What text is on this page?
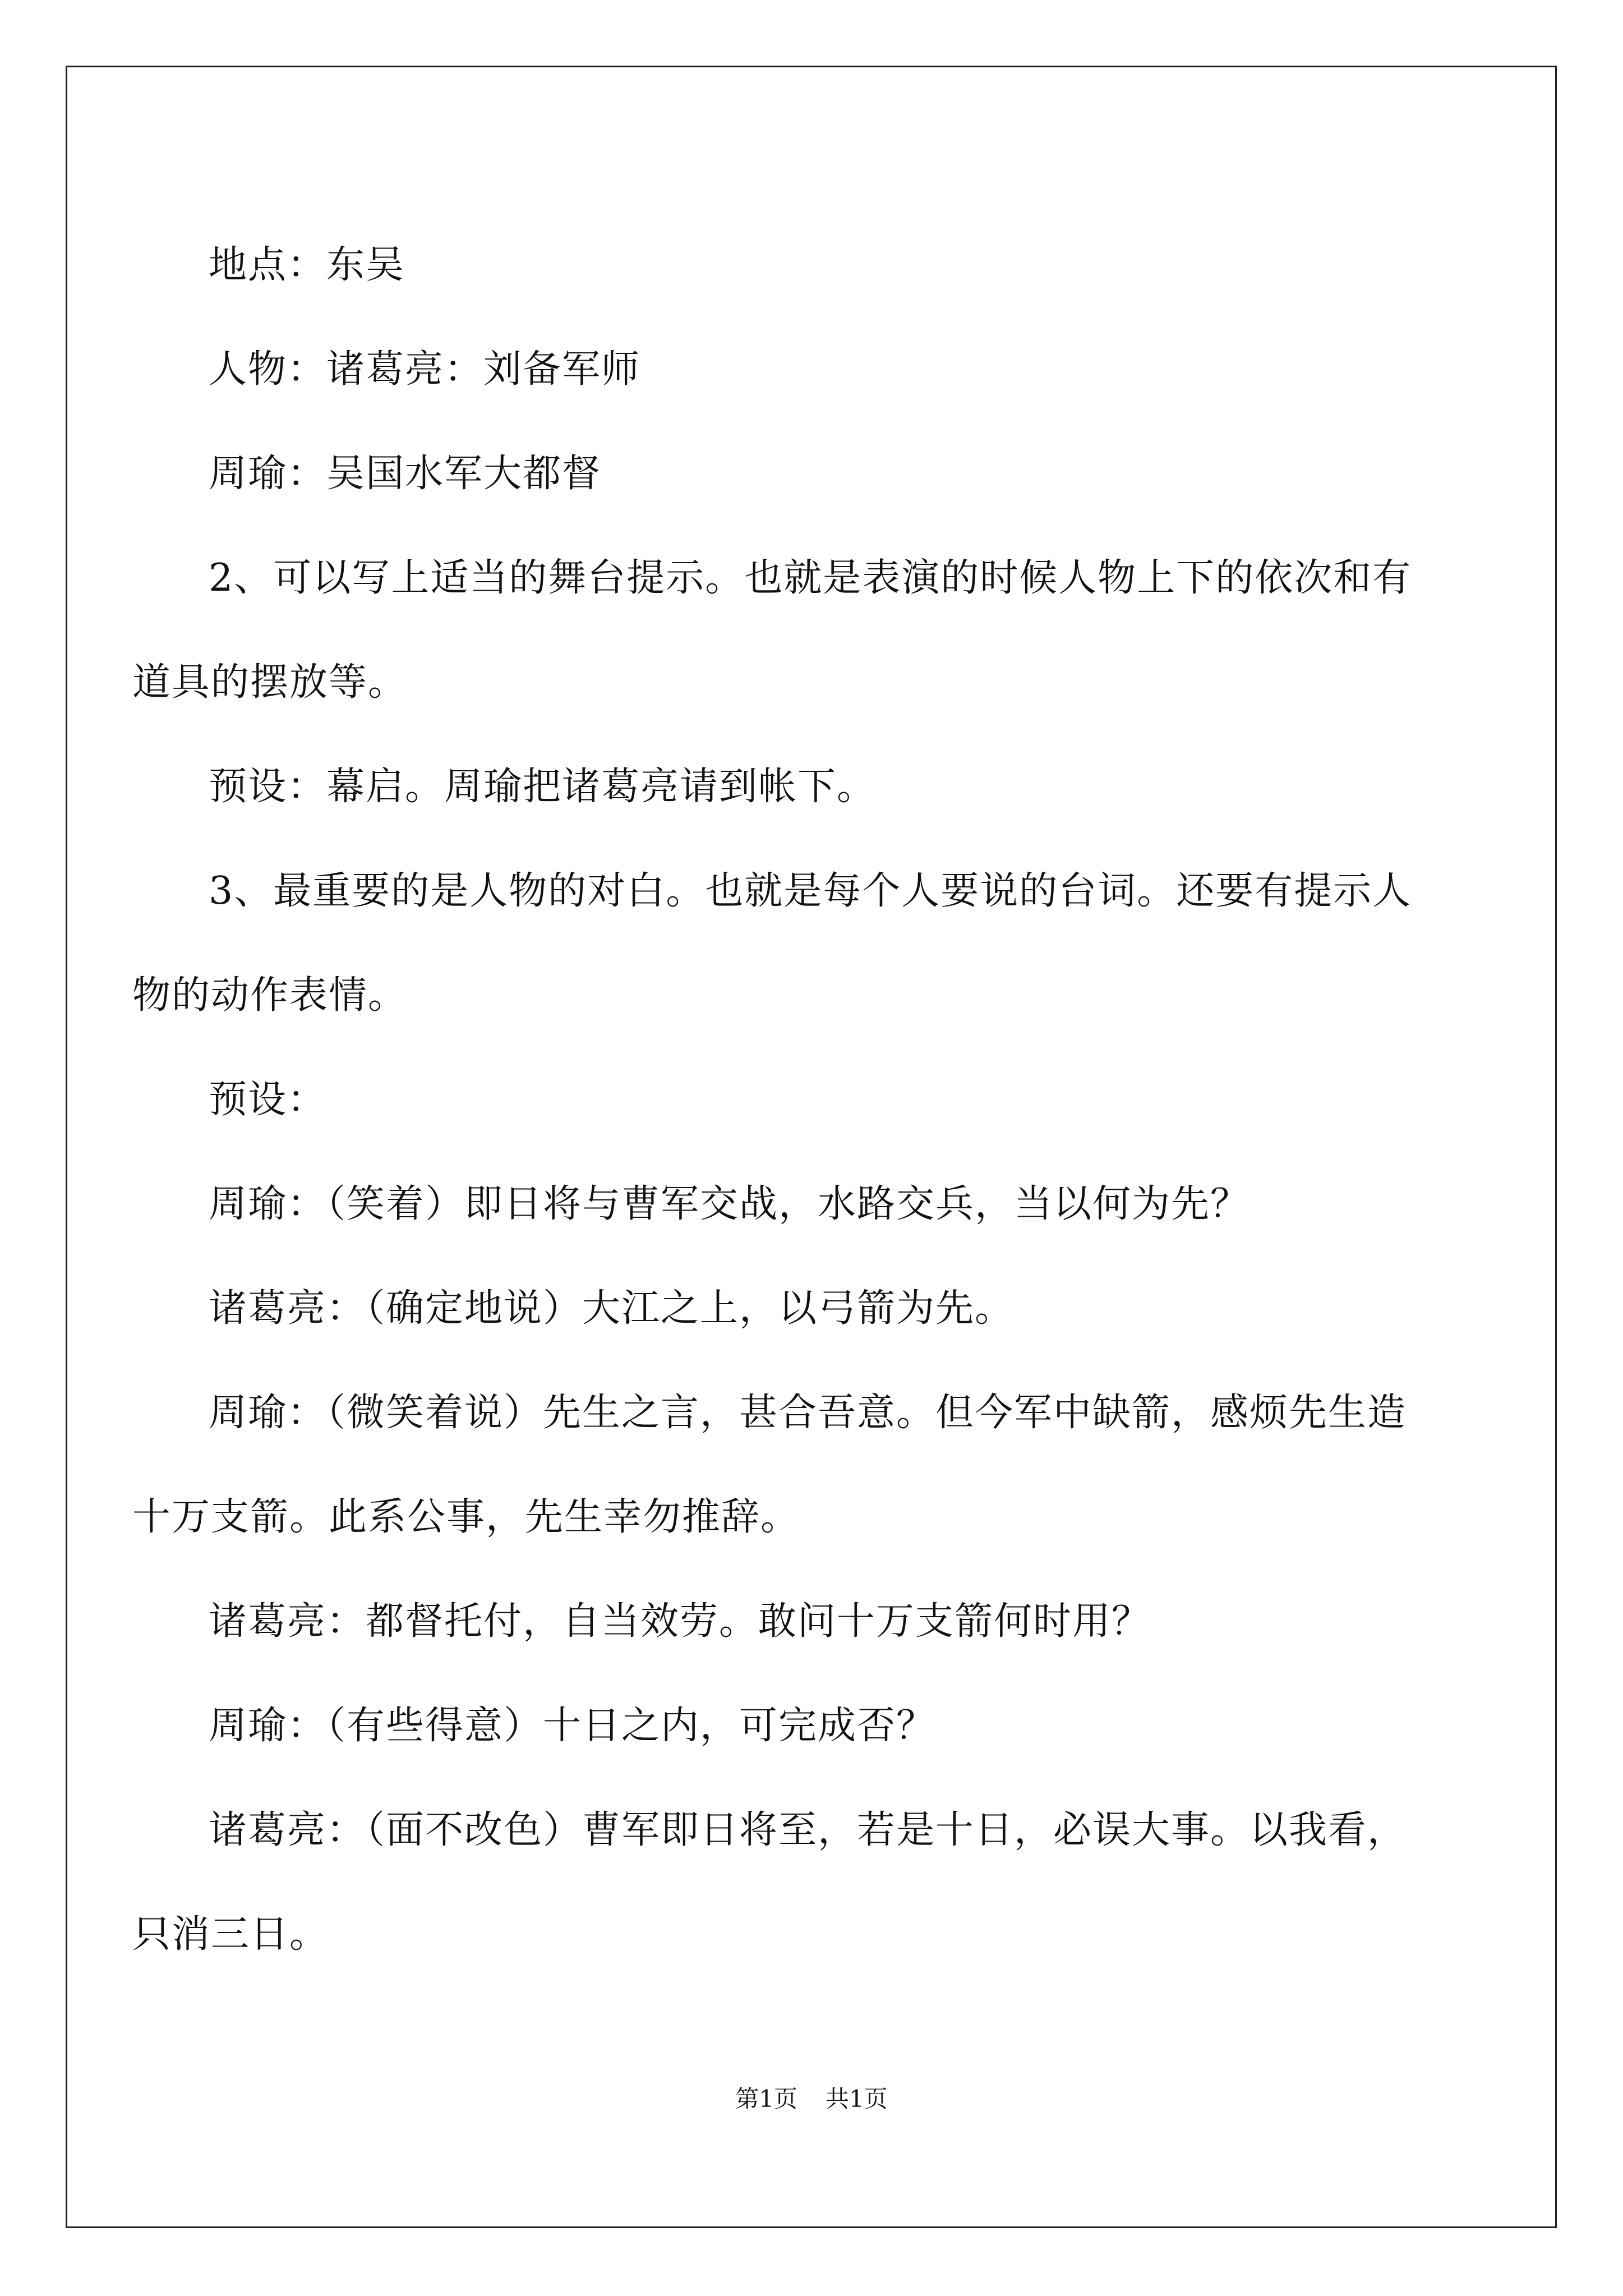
地点：东吴

人物：诸葛亮：刘备军师

周瑜：吴国水军大都督

2、可以写上适当的舞台提示。也就是表演的时候人物上下的依次和有道具的摆放等。

预设：幕启。周瑜把诸葛亮请到帐下。

3、最重要的是人物的对白。也就是每个人要说的台词。还要有提示人物的动作表情。

预设：

周瑜：（笑着）即日将与曹军交战，水路交兵，当以何为先？

诸葛亮：（确定地说）大江之上，以弓箭为先。

周瑜：（微笑着说）先生之言，甚合吾意。但今军中缺箭，感烦先生造十万支箭。此系公事，先生幸勿推辞。

诸葛亮：都督托付，自当效劳。敢问十万支箭何时用？

周瑜：（有些得意）十日之内，可完成否？

诸葛亮：（面不改色）曹军即日将至，若是十日，必误大事。以我看，只消三日。

第1页 共1页
